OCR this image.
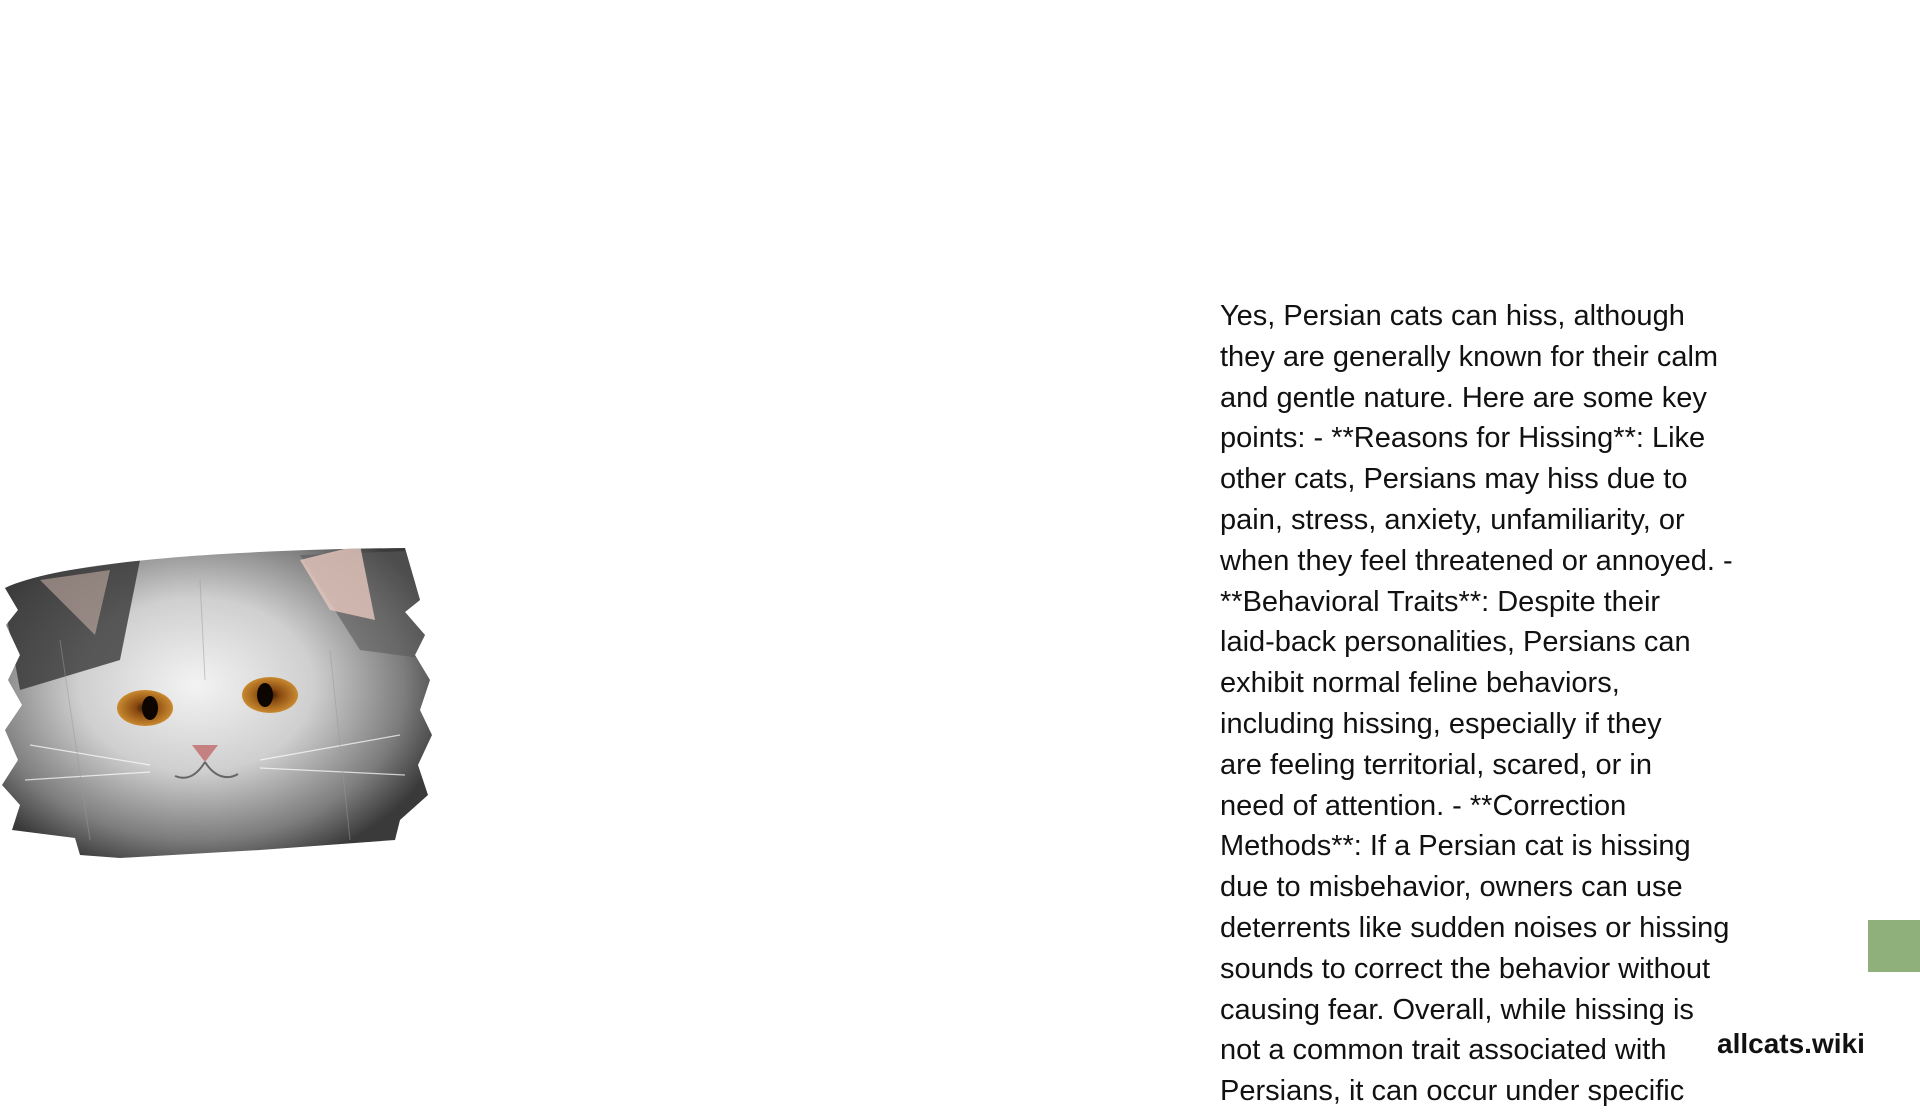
Yes, Persian cats can hiss, although
they are generally known for their calm
and gentle nature. Here are some key
points: - **Reasons for Hissing**: Like
other cats, Persians may hiss due to
pain, stress, anxiety, unfamiliarity, or
when they feel threatened or annoyed. -
**Behavioral Traits**: Despite their
laid-back personalities, Persians can
exhibit normal feline behaviors,
including hissing, especially if they
are feeling territorial, scared, or in
need of attention. - **Correction
Methods**: If a Persian cat is hissing
due to misbehavior, owners can use
deterrents like sudden noises or hissing
sounds to correct the behavior without
causing fear. Overall, while hissing is
not a common trait associated with
Persians, it can occur under specific
allcats.wiki
